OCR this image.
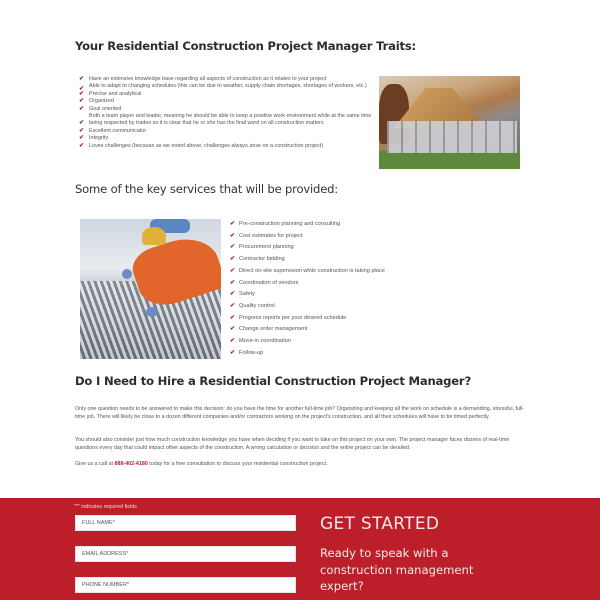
Your Residential Construction Project Manager Traits:
✔ Have an extensive knowledge base regarding all aspects of construction as it relates to your project
✔ Able to adapt to changing schedules (this can be due to weather, supply chain shortages, shortages of workers, etc.)
✔ Precise and analytical
✔ Organized
✔ Goal oriented
✔
Both a team player and leader, meaning he should be able to keep a positive work environment while at the same time being respected by trades so it is clear that he or she has the final word on all construction matters
✔ Excellent communicator
✔ Integrity
✔ Loves challenges (because as we noted above, challenges always arise on a construction project)
Some of the key services that will be provided:
✔ Pre-construction planning and consulting
✔ Cost estimates for project
✔ Procurement planning
✔ Contractor bidding
✔ Direct on-site supervision while construction is taking place
✔ Coordination of vendors
✔ Safety
✔ Quality control
✔ Progress reports per your desired schedule
✔ Change order management
✔ Move-in coordination
✔ Follow-up
Do I Need to Hire a Residential Construction Project Manager?

Only one question needs to be answered to make this decision: do you have the time for another full-time job? Organizing and keeping all the work on schedule is a demanding, stressful, full-time job. There will likely be close to a dozen different companies and/or contractors working on the project's construction, and all their schedules will have to be timed perfectly.

You should also consider just how much construction knowledge you have when deciding if you want to take on this project on your own. The project manager faces dozens of real-time questions every day that could impact other aspects of the construction. A wrong calculation or decision and the entire project can be derailed.

Give us a call at 888-402-4180 today for a free consultation to discuss your residential construction project.

"*" indicates required fields
FULL NAME*
EMAIL ADDRESS*
PHONE NUMBER*
GET STARTED
Ready to speak with a construction management expert?
